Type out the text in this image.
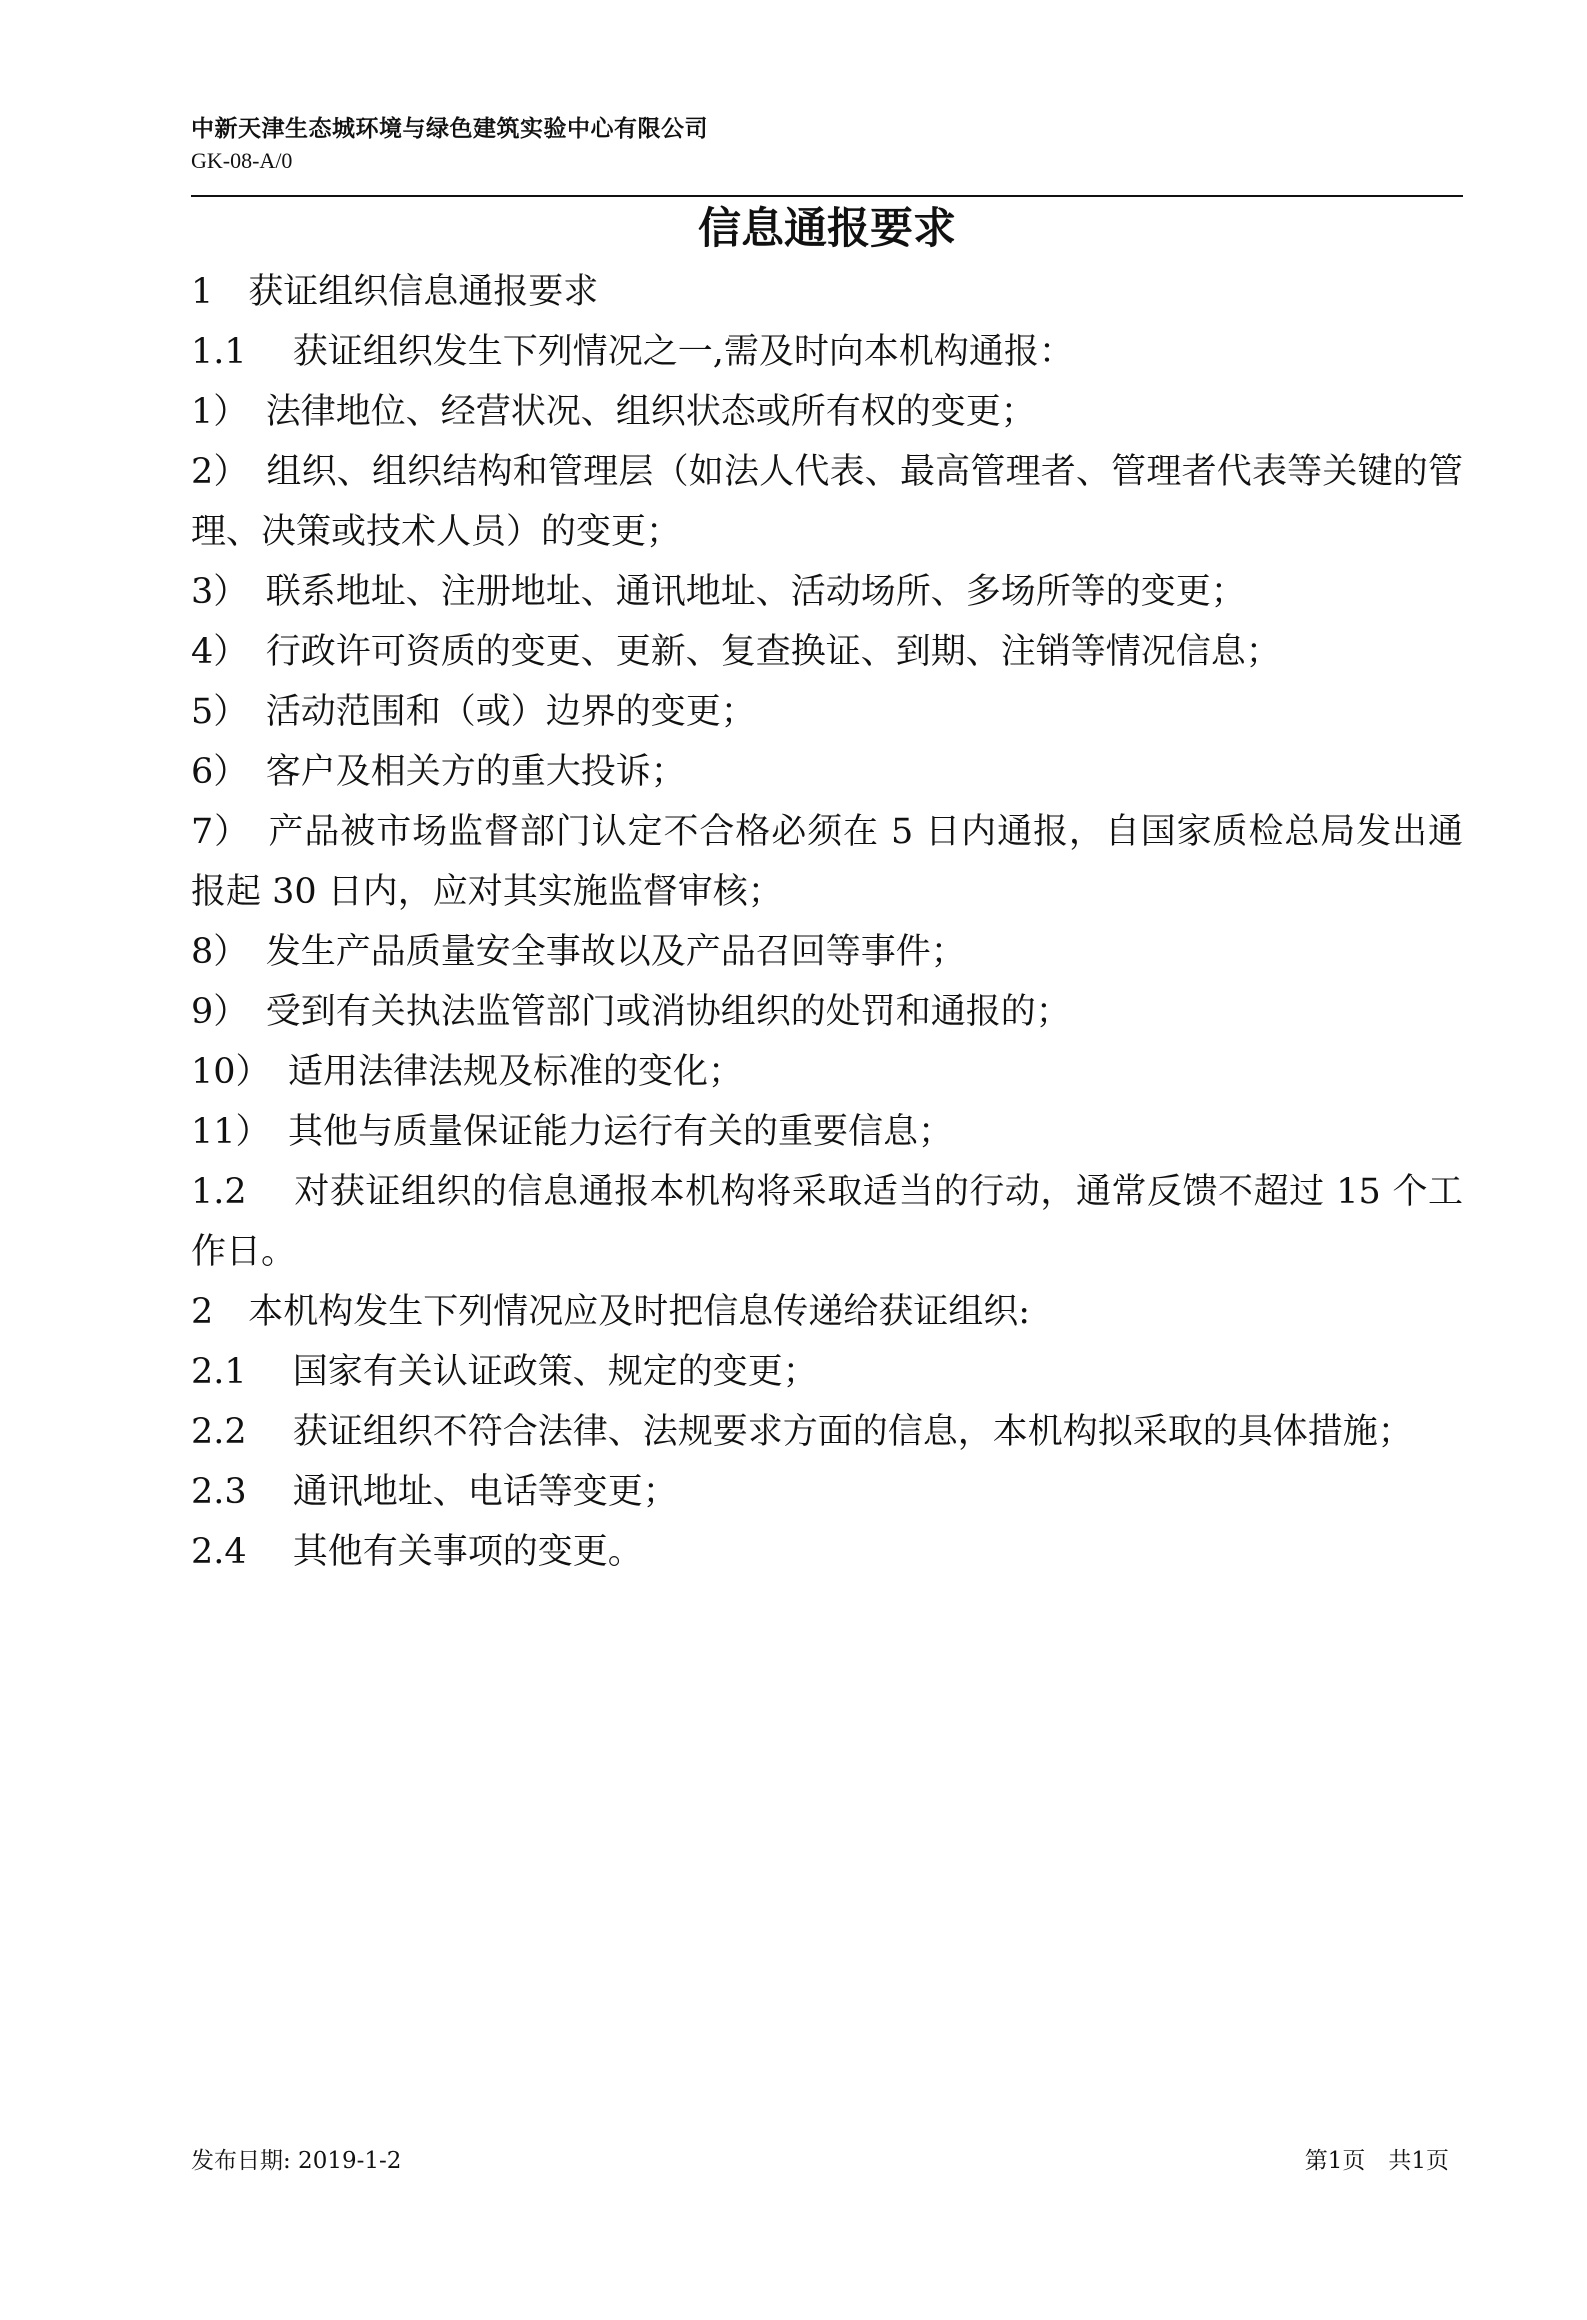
中新天津生态城环境与绿色建筑实验中心有限公司
GK-08-A/0
信息通报要求

1　获证组织信息通报要求

1.1　 获证组织发生下列情况之一,需及时向本机构通报：

1）　法律地位、经营状况、组织状态或所有权的变更；

2）　组织、组织结构和管理层（如法人代表、最高管理者、管理者代表等关键的管理、决策或技术人员）的变更；

3）　联系地址、注册地址、通讯地址、活动场所、多场所等的变更；

4）　行政许可资质的变更、更新、复查换证、到期、注销等情况信息；

5）　活动范围和（或）边界的变更；

6）　客户及相关方的重大投诉；

7）　产品被市场监督部门认定不合格必须在 5 日内通报，自国家质检总局发出通报起 30 日内，应对其实施监督审核；

8）　发生产品质量安全事故以及产品召回等事件；

9）　受到有关执法监管部门或消协组织的处罚和通报的；

10）　适用法律法规及标准的变化；

11）　其他与质量保证能力运行有关的重要信息；

1.2　 对获证组织的信息通报本机构将采取适当的行动，通常反馈不超过 15 个工作日。

2　本机构发生下列情况应及时把信息传递给获证组织:

2.1　 国家有关认证政策、规定的变更；

2.2　 获证组织不符合法律、法规要求方面的信息，本机构拟采取的具体措施；

2.3　 通讯地址、电话等变更；

2.4　 其他有关事项的变更。

发布日期: 2019-1-2	第1页　共1页
